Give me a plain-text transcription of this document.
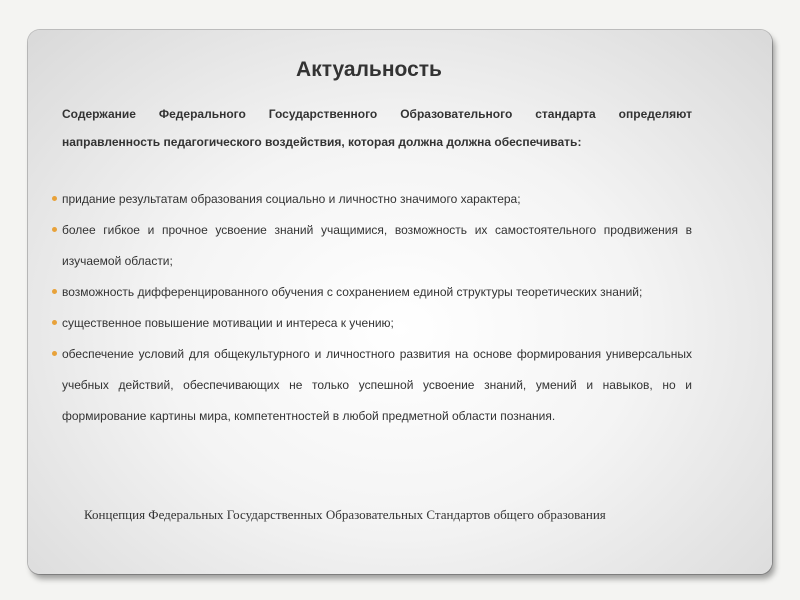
Актуальность
Содержание Федерального Государственного Образовательного стандарта определяют
направленность педагогического воздействия, которая должна должна обеспечивать:
придание результатам образования социально и личностно значимого характера;
более гибкое и прочное усвоение знаний учащимися, возможность их самостоятельного продвижения в изучаемой области;
возможность дифференцированного обучения с сохранением единой структуры теоретических знаний;
существенное повышение мотивации и интереса к учению;
обеспечение условий для общекультурного и личностного развития на основе формирования универсальных учебных действий, обеспечивающих не только успешной усвоение знаний, умений и навыков, но и формирование картины мира, компетентностей в любой предметной области познания.
Концепция Федеральных Государственных Образовательных Стандартов общего образования
